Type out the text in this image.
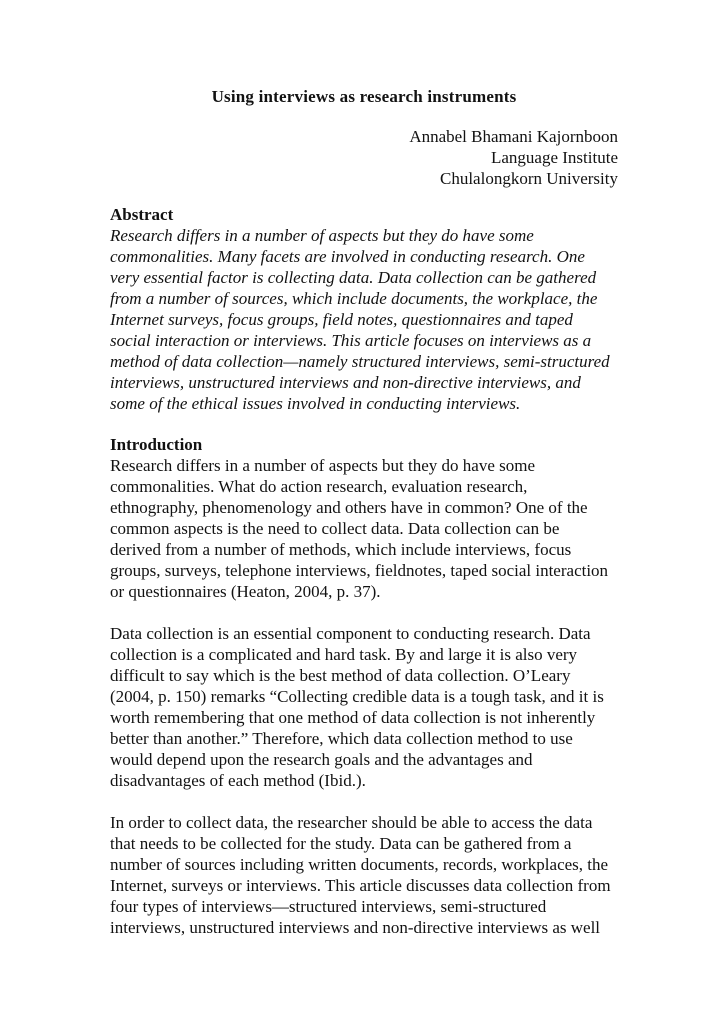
Using interviews as research instruments
Annabel Bhamani Kajornboon
Language Institute
Chulalongkorn University
Abstract
Research differs in a number of aspects but they do have some
commonalities. Many facets are involved in conducting research. One
very essential factor is collecting data. Data collection can be gathered
from a number of sources, which include documents, the workplace, the
Internet surveys, focus groups, field notes, questionnaires and taped
social interaction or interviews. This article focuses on interviews as a
method of data collection—namely structured interviews, semi-structured
interviews, unstructured interviews and non-directive interviews, and
some of the ethical issues involved in conducting interviews.
Introduction
Research differs in a number of aspects but they do have some
commonalities. What do action research, evaluation research,
ethnography, phenomenology and others have in common? One of the
common aspects is the need to collect data. Data collection can be
derived from a number of methods, which include interviews, focus
groups, surveys, telephone interviews, fieldnotes, taped social interaction
or questionnaires (Heaton, 2004, p. 37).
Data collection is an essential component to conducting research. Data
collection is a complicated and hard task. By and large it is also very
difficult to say which is the best method of data collection. O’Leary
(2004, p. 150) remarks “Collecting credible data is a tough task, and it is
worth remembering that one method of data collection is not inherently
better than another.” Therefore, which data collection method to use
would depend upon the research goals and the advantages and
disadvantages of each method (Ibid.).
In order to collect data, the researcher should be able to access the data
that needs to be collected for the study. Data can be gathered from a
number of sources including written documents, records, workplaces, the
Internet, surveys or interviews. This article discusses data collection from
four types of interviews—structured interviews, semi-structured
interviews, unstructured interviews and non-directive interviews as well
